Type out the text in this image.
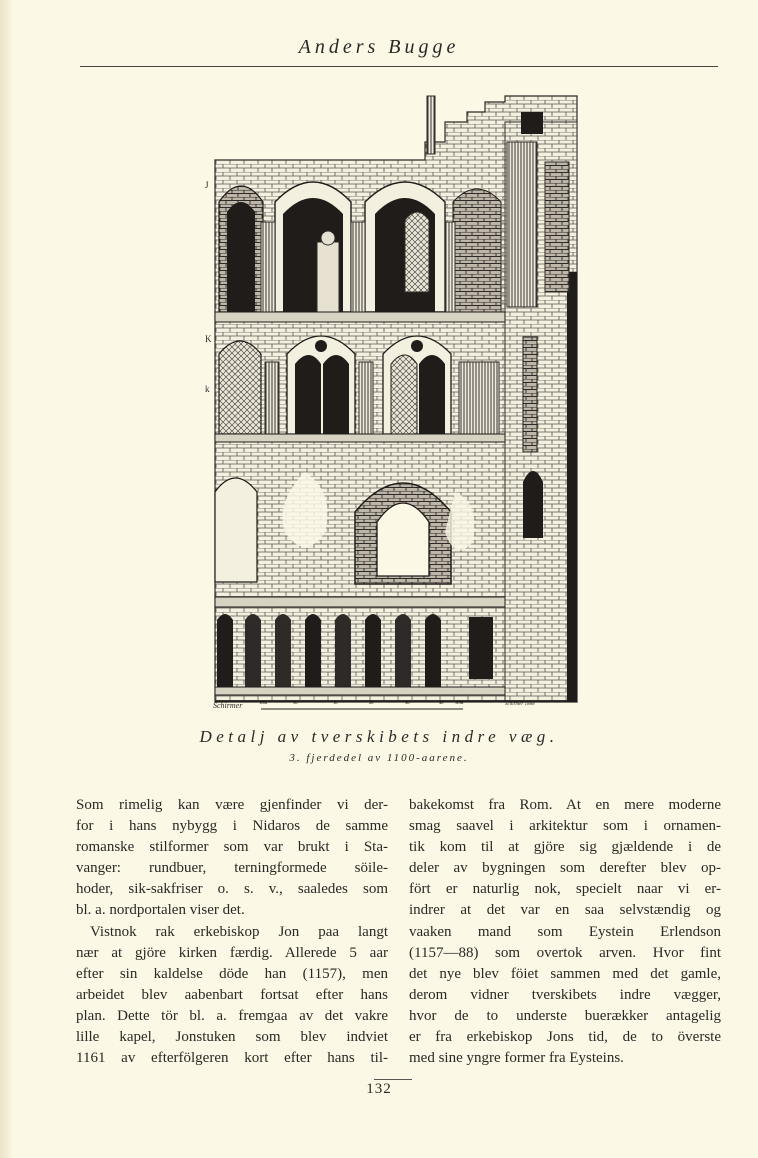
Anders Bugge
J
K
k
Schirmer	10m	50	10	20	30	40	50M	Schirmer 1888
Detalj av tverskibets indre væg.
3. fjerdedel av 1100-aarene.
Som rimelig kan være gjenfinder vi der-
for i hans nybygg i Nidaros de samme
romanske stilformer som var brukt i Sta-
vanger: rundbuer, terningformede söile-
hoder, sik-sakfriser o. s. v., saaledes som
bl. a. nordportalen viser det.
Vistnok rak erkebiskop Jon paa langt
nær at gjöre kirken færdig. Allerede 5 aar
efter sin kaldelse döde han (1157), men
arbeidet blev aabenbart fortsat efter hans
plan. Dette tör bl. a. fremgaa av det vakre
lille kapel, Jonstuken som blev indviet
1161 av efterfölgeren kort efter hans til-
bakekomst fra Rom. At en mere moderne
smag saavel i arkitektur som i ornamen-
tik kom til at gjöre sig gjældende i de
deler av bygningen som derefter blev op-
fört er naturlig nok, specielt naar vi er-
indrer at det var en saa selvstændig og
vaaken mand som Eystein Erlendson
(1157—88) som overtok arven. Hvor fint
det nye blev föiet sammen med det gamle,
derom vidner tverskibets indre vægger,
hvor de to underste buerækker antagelig
er fra erkebiskop Jons tid, de to överste
med sine yngre former fra Eysteins.
132
